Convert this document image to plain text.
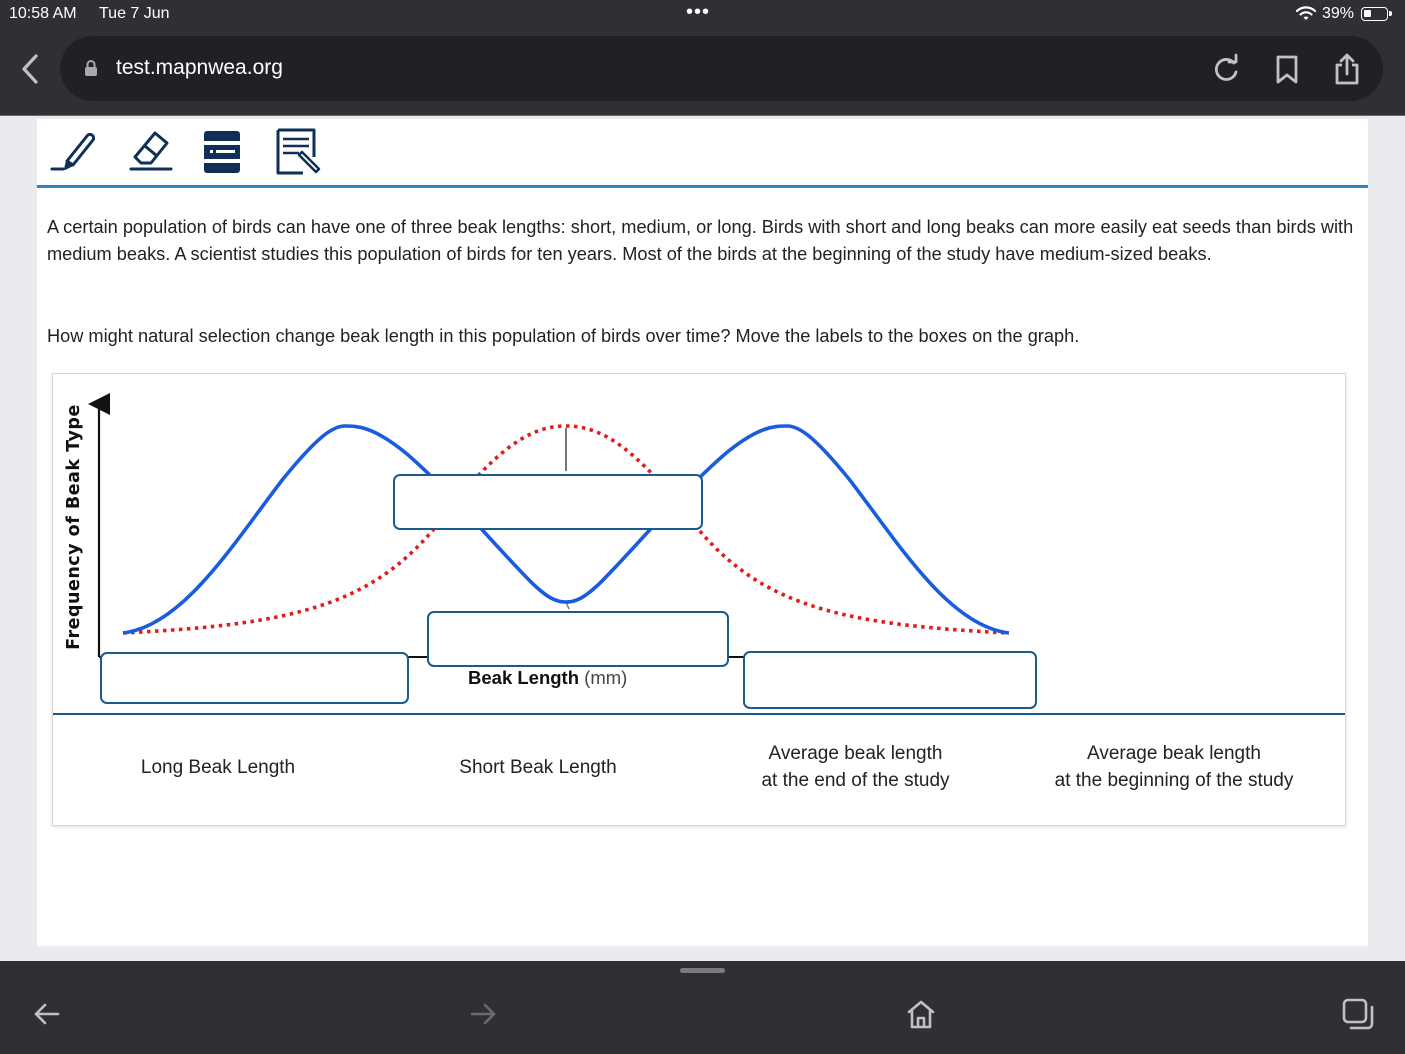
10:58 AM Tue 7 Jun	•••	39%
test.mapnwea.org

A certain population of birds can have one of three beak lengths: short, medium, or long. Birds with short and long beaks can more easily eat seeds than birds with medium beaks. A scientist studies this population of birds for ten years. Most of the birds at the beginning of the study have medium-sized beaks.

How might natural selection change beak length in this population of birds over time? Move the labels to the boxes on the graph.

Frequency of Beak Type
Beak Length (mm)
Long Beak Length	Short Beak Length
Average beak length
at the end of the study
Average beak length
at the beginning of the study
